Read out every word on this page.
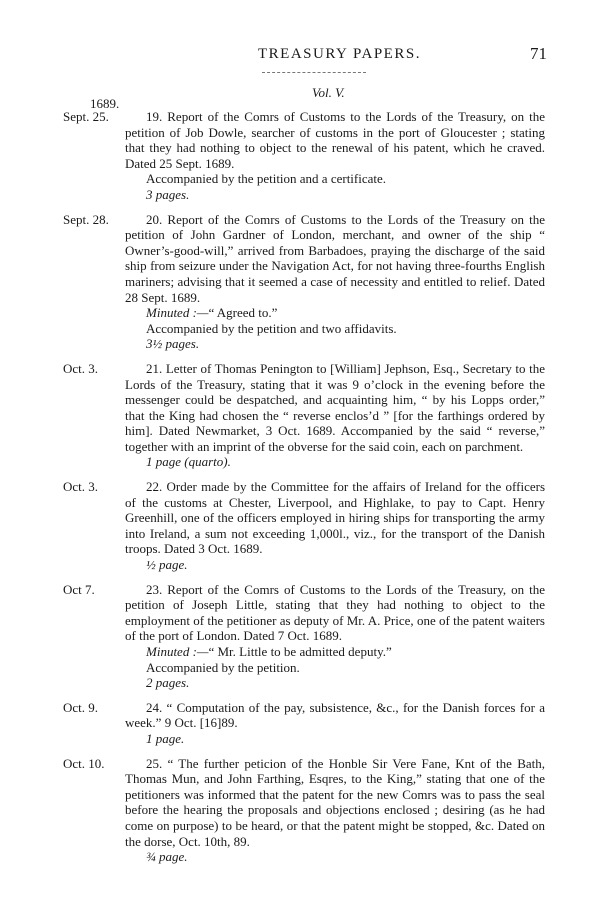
TREASURY PAPERS.	71
Vol. V.
1689.
Sept. 25.	19. Report of the Comrs of Customs to the Lords of the Treasury, on the petition of Job Dowle, searcher of customs in the port of Gloucester ; stating that they had nothing to object to the renewal of his patent, which he craved. Dated 25 Sept. 1689.
Accompanied by the petition and a certificate.
3 pages.
Sept. 28.	20. Report of the Comrs of Customs to the Lords of the Treasury on the petition of John Gardner of London, merchant, and owner of the ship “ Owner’s-good-will,” arrived from Barbadoes, praying the discharge of the said ship from seizure under the Navigation Act, for not having three-fourths English mariners; advising that it seemed a case of necessity and entitled to relief. Dated 28 Sept. 1689.
Minuted :—“ Agreed to.”
Accompanied by the petition and two affidavits.
3½ pages.
Oct. 3.	21. Letter of Thomas Penington to [William] Jephson, Esq., Secretary to the Lords of the Treasury, stating that it was 9 o’clock in the evening before the messenger could be despatched, and acquainting him, “ by his Lopps order,” that the King had chosen the “ reverse enclos’d ” [for the farthings ordered by him]. Dated Newmarket, 3 Oct. 1689. Accompanied by the said “ reverse,” together with an imprint of the obverse for the said coin, each on parchment.
1 page (quarto).
Oct. 3.	22. Order made by the Committee for the affairs of Ireland for the officers of the customs at Chester, Liverpool, and Highlake, to pay to Capt. Henry Greenhill, one of the officers employed in hiring ships for transporting the army into Ireland, a sum not exceeding 1,000l., viz., for the transport of the Danish troops. Dated 3 Oct. 1689.
½ page.
Oct 7.	23. Report of the Comrs of Customs to the Lords of the Treasury, on the petition of Joseph Little, stating that they had nothing to object to the employment of the petitioner as deputy of Mr. A. Price, one of the patent waiters of the port of London. Dated 7 Oct. 1689.
Minuted :—“ Mr. Little to be admitted deputy.”
Accompanied by the petition.
2 pages.
Oct. 9.	24. “ Computation of the pay, subsistence, &c., for the Danish forces for a week.” 9 Oct. [16]89.
1 page.
Oct. 10.	25. “ The further peticion of the Honble Sir Vere Fane, Knt of the Bath, Thomas Mun, and John Farthing, Esqres, to the King,” stating that one of the petitioners was informed that the patent for the new Comrs was to pass the seal before the hearing the proposals and objections enclosed ; desiring (as he had come on purpose) to be heard, or that the patent might be stopped, &c. Dated on the dorse, Oct. 10th, 89.
¾ page.
